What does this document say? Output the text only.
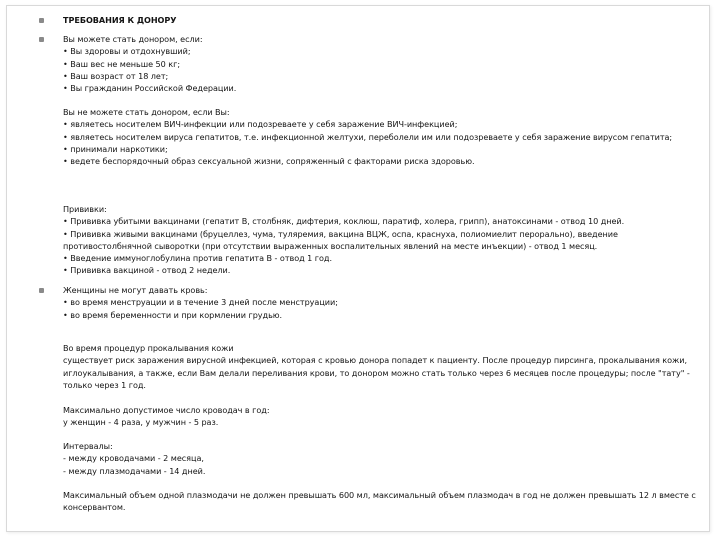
ТРЕБОВАНИЯ К ДОНОРУ
Вы можете стать донором, если:
• Вы здоровы и отдохнувший;
• Ваш вес не меньше 50 кг;
• Ваш возраст от 18 лет;
• Вы гражданин Российской Федерации.
Вы не можете стать донором, если Вы:
• являетесь носителем ВИЧ-инфекции или подозреваете у себя заражение ВИЧ-инфекцией;
• являетесь носителем вируса гепатитов, т.е. инфекционной желтухи, переболели им или подозреваете у себя заражение вирусом гепатита;
• принимали наркотики;
• ведете беспорядочный образ сексуальной жизни, сопряженный с факторами риска здоровью.
Прививки:
• Прививка убитыми вакцинами (гепатит В, столбняк, дифтерия, коклюш, паратиф, холера, грипп), анатоксинами - отвод 10 дней.
• Прививка живыми вакцинами (бруцеллез, чума, туляремия, вакцина ВЦЖ, оспа, краснуха, полиомиелит перорально), введение противостолбнячной сыворотки (при отсутствии выраженных воспалительных явлений на месте инъекции) - отвод 1 месяц.
• Введение иммуноглобулина против гепатита В - отвод 1 год.
• Прививка вакциной - отвод 2 недели.
Женщины не могут давать кровь:
• во время менструации и в течение 3 дней после менструации;
• во время беременности и при кормлении грудью.
Во время процедур прокалывания кожи
существует риск заражения вирусной инфекцией, которая с кровью донора попадет к пациенту. После процедур пирсинга, прокалывания кожи, иглоукалывания, а также, если Вам делали переливания крови, то донором можно стать только через 6 месяцев после процедуры; после "тату" - только через 1 год.
Максимально допустимое число кроводач в год:
у женщин - 4 раза, у мужчин - 5 раз.
Интервалы:
- между кроводачами - 2 месяца,
- между плазмодачами - 14 дней.
Максимальный объем одной плазмодачи не должен превышать 600 мл, максимальный объем плазмодач в год не должен превышать 12 л вместе с консервантом.
